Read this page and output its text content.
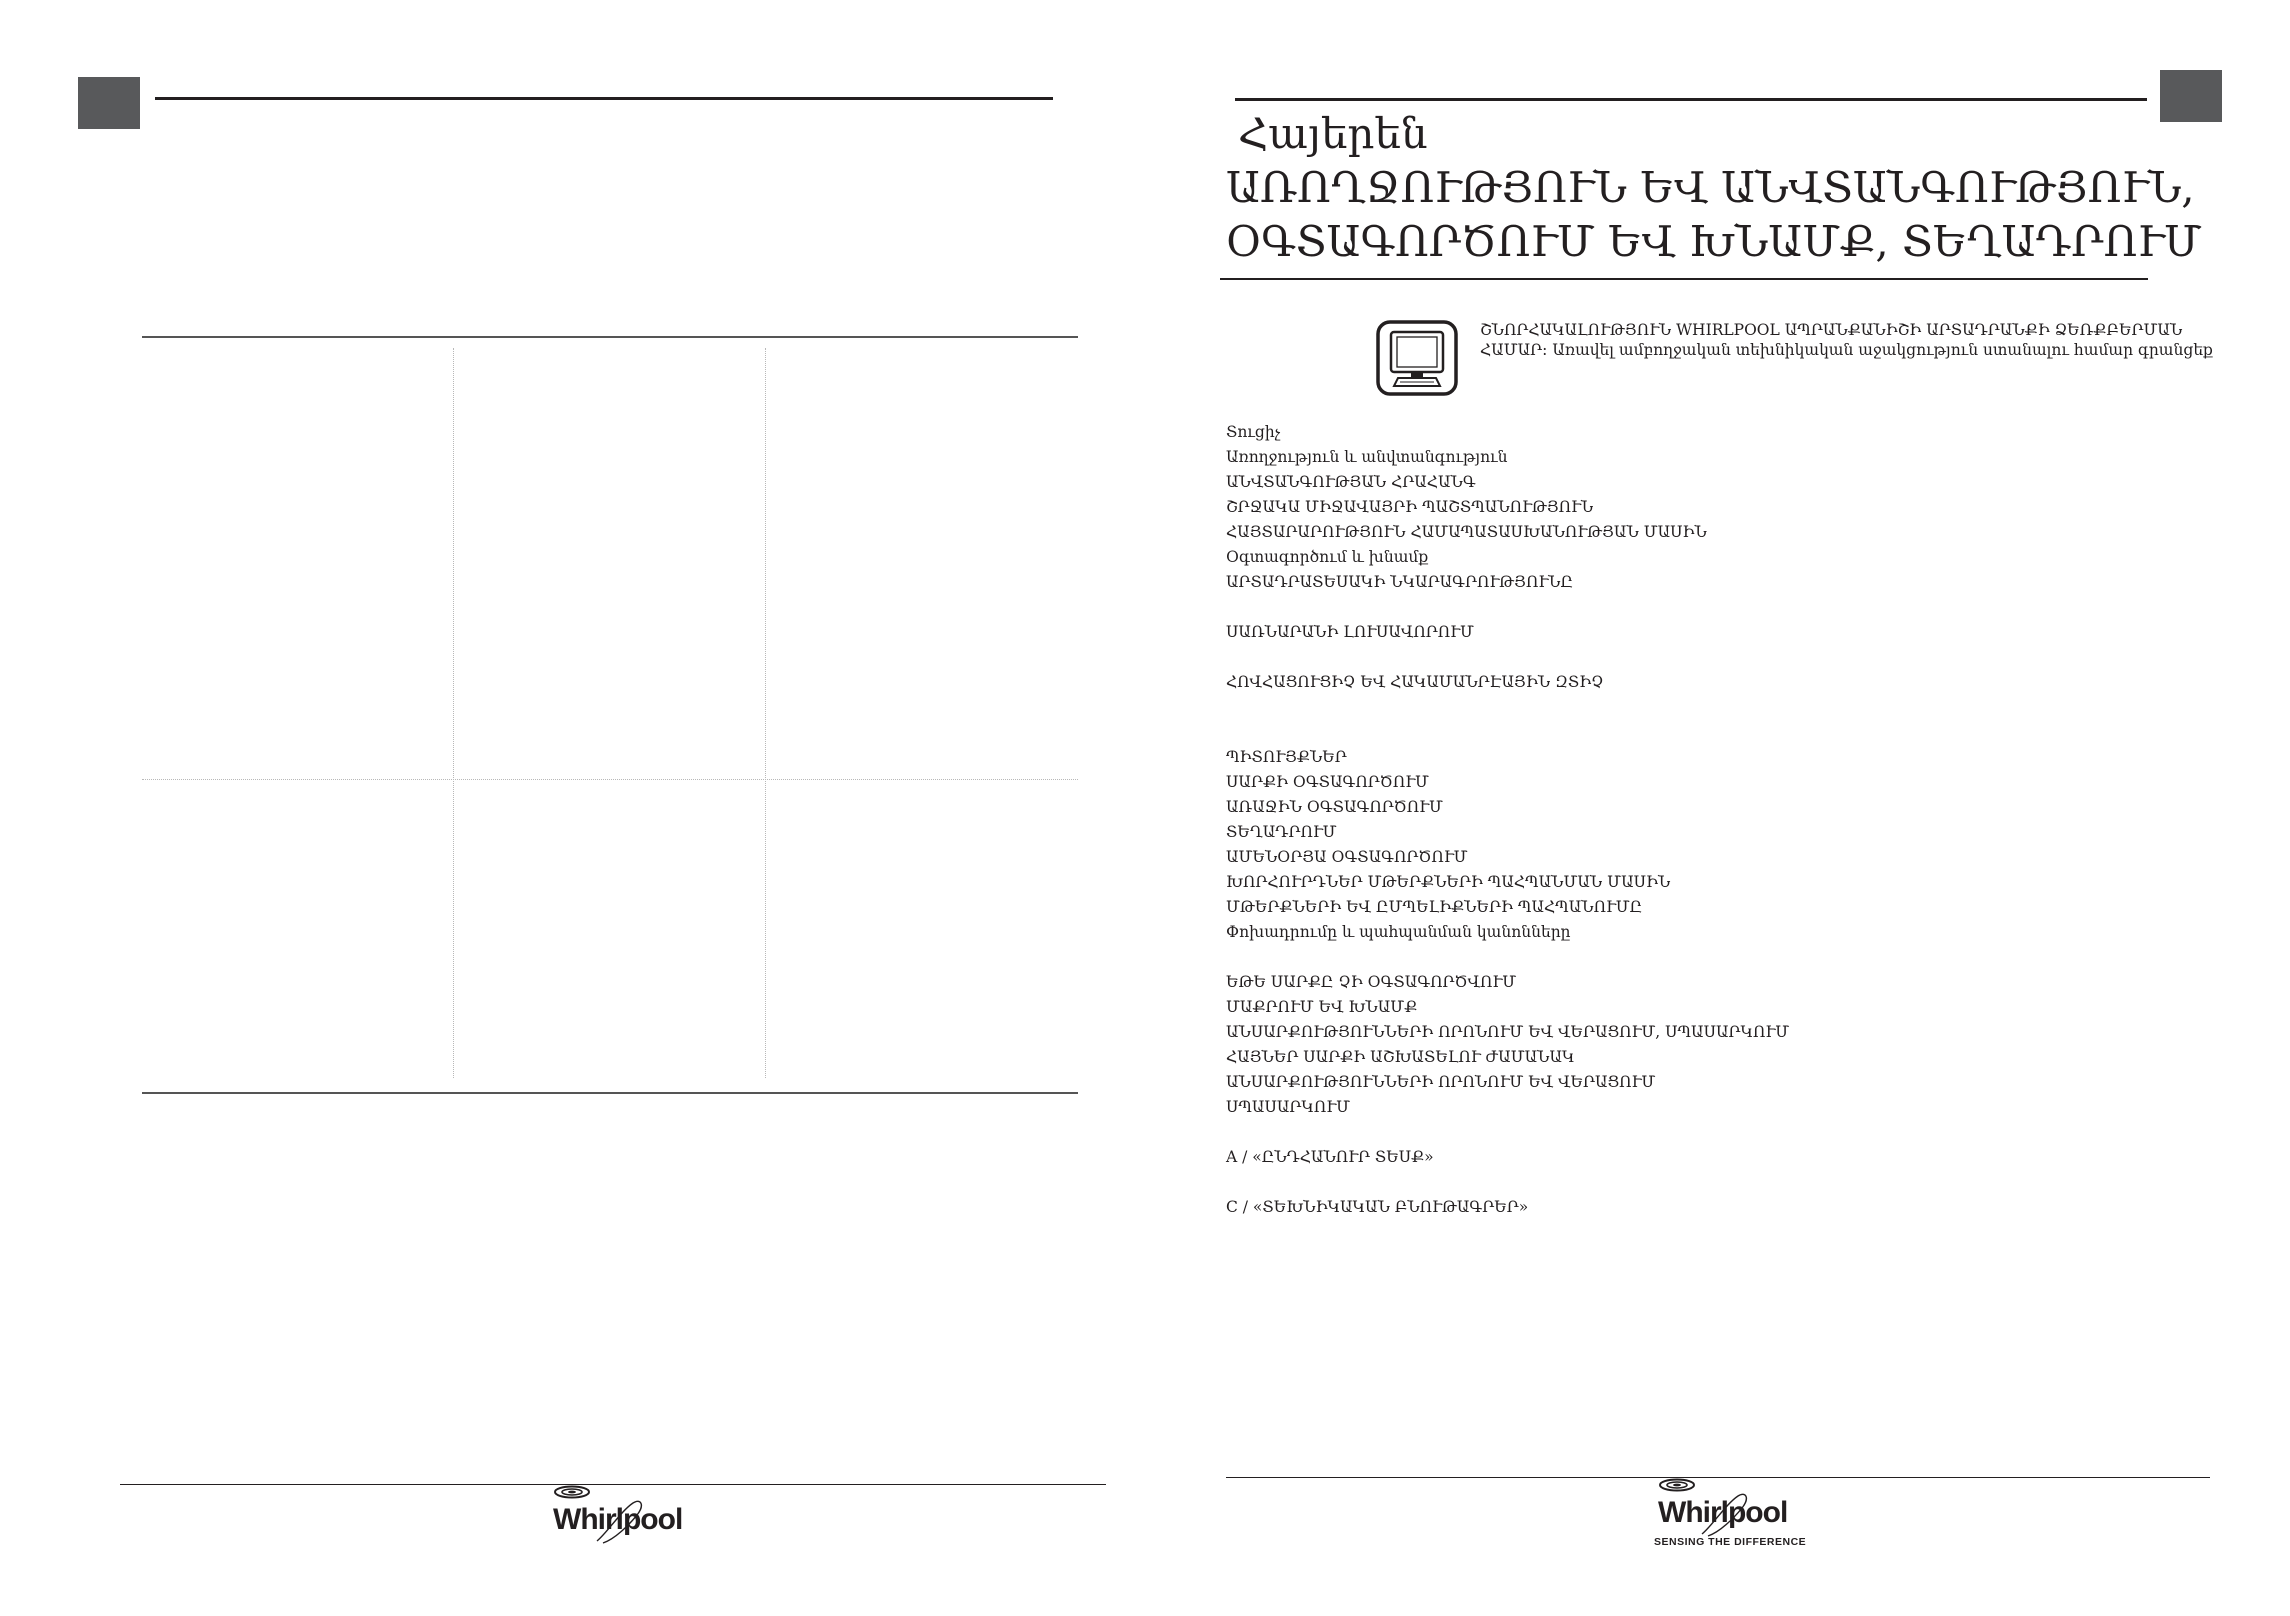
Whirlpool
Հայերեն
ԱՌՈՂՋՈՒԹՅՈՒՆ ԵՎ ԱՆՎՏԱՆԳՈՒԹՅՈՒՆ,
ՕԳՏԱԳՈՐԾՈՒՄ ԵՎ ԽՆԱՄՔ, ՏԵՂԱԴՐՈՒՄ
ՇՆՈՐՀԱԿԱԼՈՒԹՅՈՒՆ WHIRLPOOL ԱՊՐԱՆՔԱՆԻՇԻ ԱՐՏԱԴՐԱՆՔԻ ՁԵՌՔԲԵՐՄԱՆ
ՀԱՄԱՐ: Առավել ամբողջական տեխնիկական աջակցություն ստանալու համար գրանցեք
Տուցիչ
Առողջություն և անվտանգություն
ԱՆՎՏԱՆԳՈՒԹՅԱՆ ՀՐԱՀԱՆԳ
ՇՐՋԱԿԱ ՄԻՋԱՎԱՅՐԻ ՊԱՇՏՊԱՆՈՒԹՅՈՒՆ
ՀԱՅՏԱՐԱՐՈՒԹՅՈՒՆ ՀԱՄԱՊԱՏԱՍԽԱՆՈՒԹՅԱՆ ՄԱՍԻՆ
Օգտագործում և խնամք
ԱՐՏԱԴՐԱՏԵՍԱԿԻ ՆԿԱՐԱԳՐՈՒԹՅՈՒՆԸ
ՍԱՌՆԱՐԱՆԻ ԼՈՒՍԱՎՈՐՈՒՄ
ՀՈՎՀԱՑՈՒՑԻՉ ԵՎ ՀԱԿԱՄԱՆՐԷԱՅԻՆ ԶՏԻՉ
ՊԻՏՈՒՅՔՆԵՐ
ՍԱՐՔԻ ՕԳՏԱԳՈՐԾՈՒՄ
ԱՌԱՋԻՆ ՕԳՏԱԳՈՐԾՈՒՄ
ՏԵՂԱԴՐՈՒՄ
ԱՄԵՆՕՐՅԱ ՕԳՏԱԳՈՐԾՈՒՄ
ԽՈՐՀՈՒՐԴՆԵՐ ՄԹԵՐՔՆԵՐԻ ՊԱՀՊԱՆՄԱՆ ՄԱՍԻՆ
ՄԹԵՐՔՆԵՐԻ ԵՎ ԸՄՊԵԼԻՔՆԵՐԻ ՊԱՀՊԱՆՈՒՄԸ
Փոխադրումը և պահպանման կանոնները
ԵԹԵ ՍԱՐՔԸ ՉԻ ՕԳՏԱԳՈՐԾՎՈՒՄ
ՄԱՔՐՈՒՄ ԵՎ ԽՆԱՄՔ
ԱՆՍԱՐՔՈՒԹՅՈՒՆՆԵՐԻ ՈՐՈՆՈՒՄ ԵՎ ՎԵՐԱՑՈՒՄ, ՍՊԱՍԱՐԿՈՒՄ
ՀԱՅՆԵՐ ՍԱՐՔԻ ԱՇԽԱՏԵԼՈՒ ԺԱՄԱՆԱԿ
ԱՆՍԱՐՔՈՒԹՅՈՒՆՆԵՐԻ ՈՐՈՆՈՒՄ ԵՎ ՎԵՐԱՑՈՒՄ
ՍՊԱՍԱՐԿՈՒՄ
A / «ԸՆԴՀԱՆՈՒՐ ՏԵՍՔ»
C / «ՏԵԽՆԻԿԱԿԱՆ ԲՆՈՒԹԱԳՐԵՐ»
Whirlpool
SENSING THE DIFFERENCE
